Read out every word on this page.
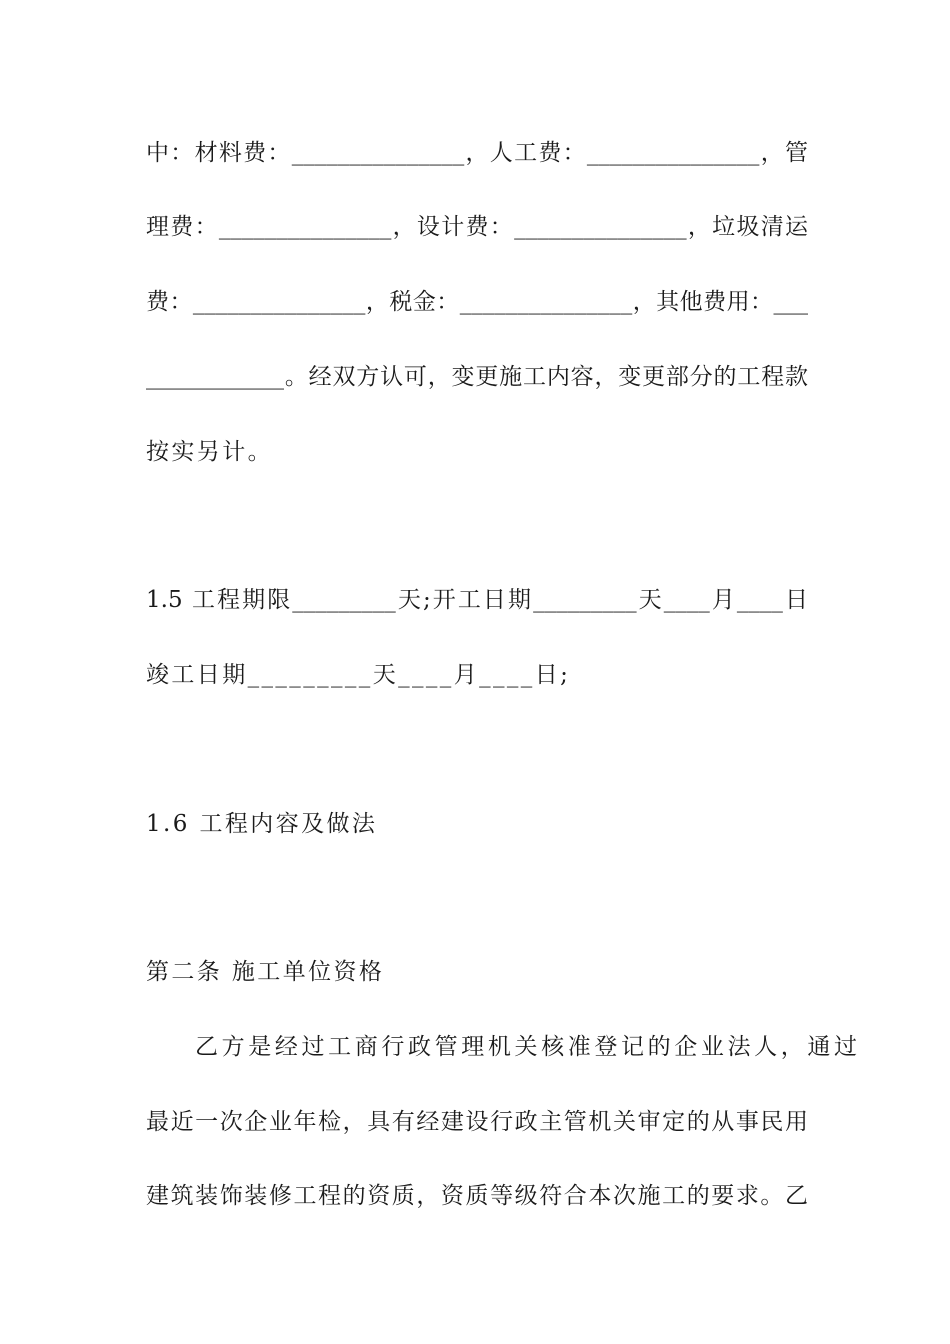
中：材料费：_______________，人工费：_______________，管
理费：_______________，设计费：_______________，垃圾清运
费：_______________，税金：_______________，其他费用：___
____________。经双方认可，变更施工内容，变更部分的工程款
按实另计。
1.5 工程期限_________天;开工日期_________天____月____日
竣工日期_________天____月____日;
1.6 工程内容及做法
第二条 施工单位资格
乙方是经过工商行政管理机关核准登记的企业法人，通过
最近一次企业年检，具有经建设行政主管机关审定的从事民用
建筑装饰装修工程的资质，资质等级符合本次施工的要求。乙
